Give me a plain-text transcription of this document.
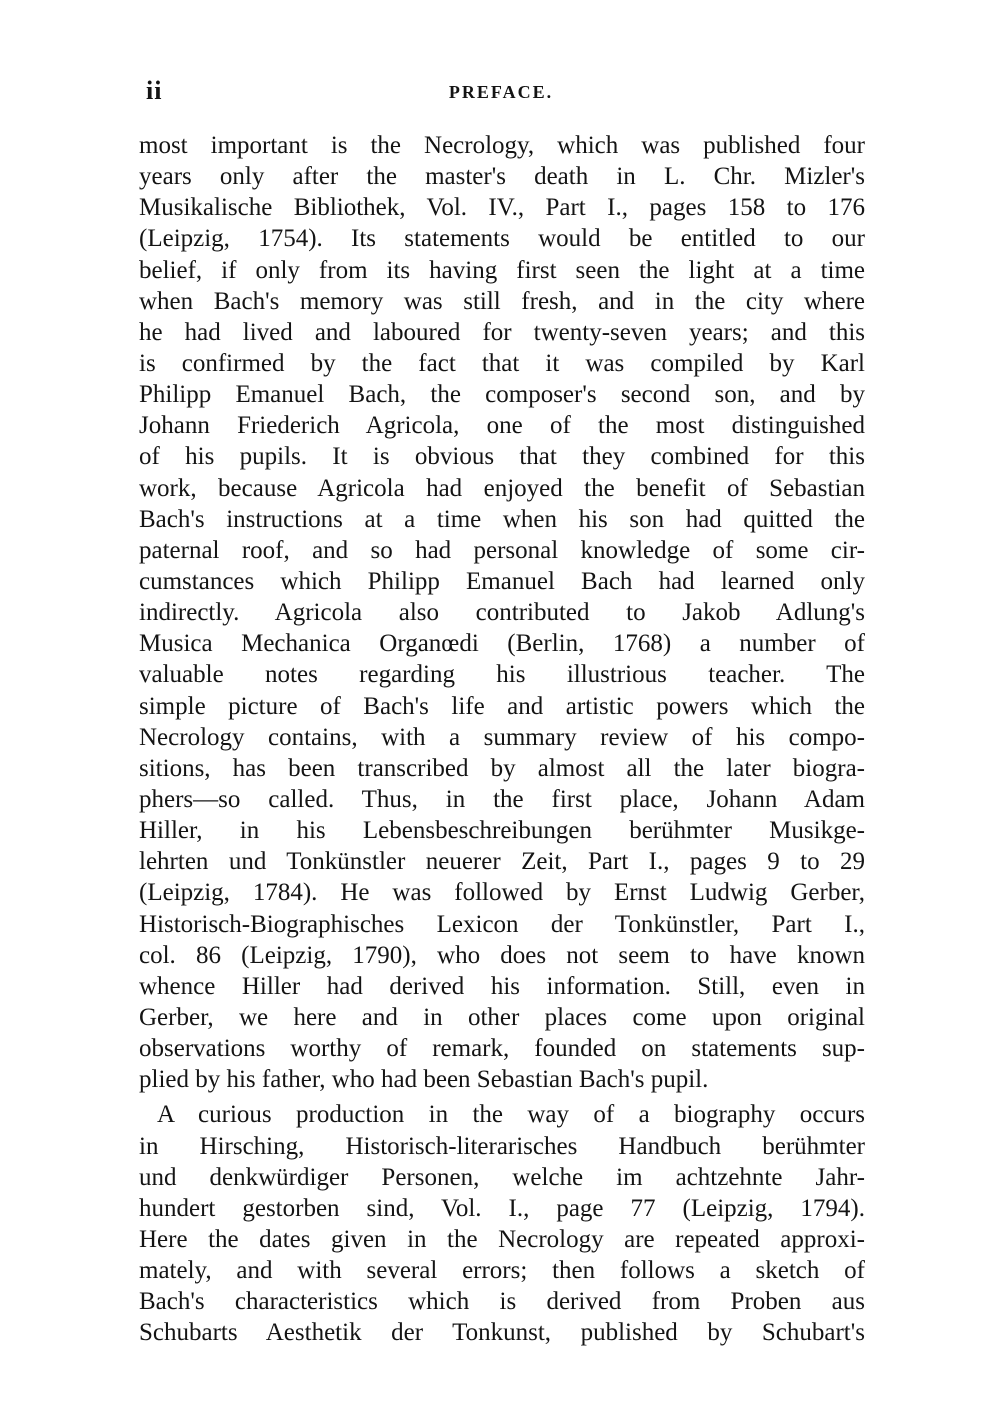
ii	PREFACE.
most important is the Necrology, which was published four
years only after the master's death in L. Chr. Mizler's
Musikalische Bibliothek, Vol. IV., Part I., pages 158 to 176
(Leipzig, 1754). Its statements would be entitled to our
belief, if only from its having first seen the light at a time
when Bach's memory was still fresh, and in the city where
he had lived and laboured for twenty-seven years; and this
is confirmed by the fact that it was compiled by Karl
Philipp Emanuel Bach, the composer's second son, and by
Johann Friederich Agricola, one of the most distinguished
of his pupils. It is obvious that they combined for this
work, because Agricola had enjoyed the benefit of Sebastian
Bach's instructions at a time when his son had quitted the
paternal roof, and so had personal knowledge of some cir-
cumstances which Philipp Emanuel Bach had learned only
indirectly. Agricola also contributed to Jakob Adlung's
Musica Mechanica Organœdi (Berlin, 1768) a number of
valuable notes regarding his illustrious teacher. The
simple picture of Bach's life and artistic powers which the
Necrology contains, with a summary review of his compo-
sitions, has been transcribed by almost all the later biogra-
phers—so called. Thus, in the first place, Johann Adam
Hiller, in his Lebensbeschreibungen berühmter Musikge-
lehrten und Tonkünstler neuerer Zeit, Part I., pages 9 to 29
(Leipzig, 1784). He was followed by Ernst Ludwig Gerber,
Historisch-Biographisches Lexicon der Tonkünstler, Part I.,
col. 86 (Leipzig, 1790), who does not seem to have known
whence Hiller had derived his information. Still, even in
Gerber, we here and in other places come upon original
observations worthy of remark, founded on statements sup-
plied by his father, who had been Sebastian Bach's pupil.
A curious production in the way of a biography occurs
in Hirsching, Historisch-literarisches Handbuch berühmter
und denkwürdiger Personen, welche im achtzehnte Jahr-
hundert gestorben sind, Vol. I., page 77 (Leipzig, 1794).
Here the dates given in the Necrology are repeated approxi-
mately, and with several errors; then follows a sketch of
Bach's characteristics which is derived from Proben aus
Schubarts Aesthetik der Tonkunst, published by Schubart's
